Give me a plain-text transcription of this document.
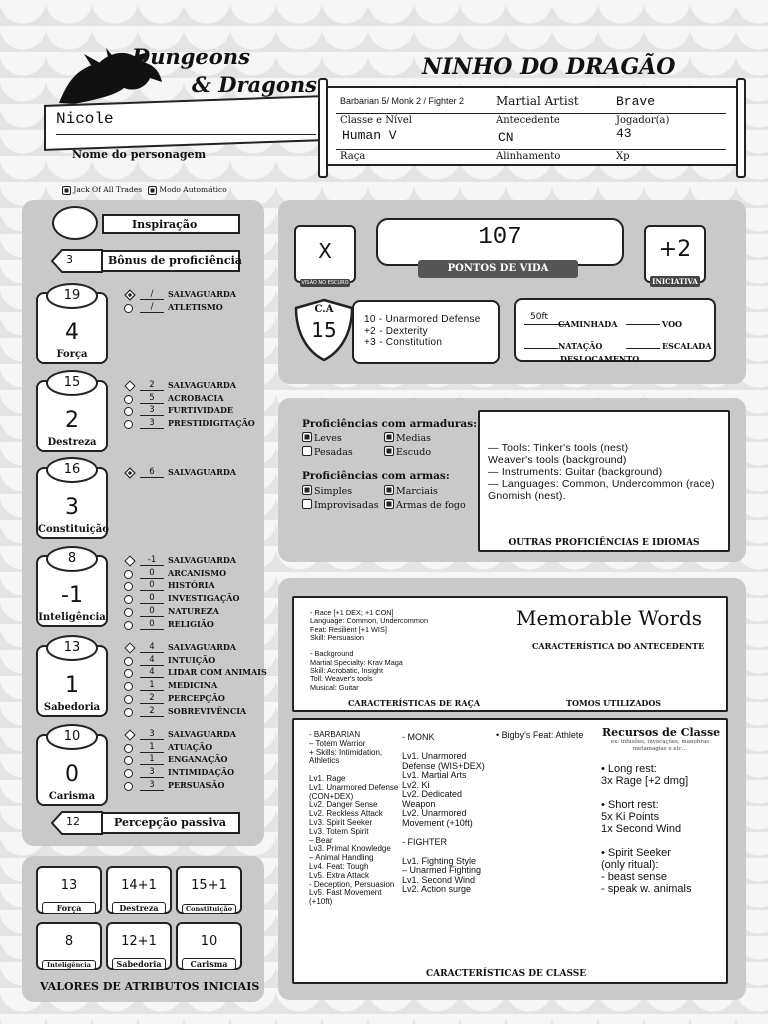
Dungeons
& Dragons
Nicole
Nome do personagem
NINHO DO DRAGÃO
Barbarian 5/ Monk 2 / Fighter 2	Martial Artist	Brave
Classe e Nível	Antecedente	Jogador(a)
Human V	CN	43
Raça	Alinhamento	Xp
Jack Of All Trades	Modo Automático
Inspiração
3	Bônus de proficiência
4
Força
19
2
Destreza
15
3
Constituição
16
-1
Inteligência
8
1
Sabedoria
13
0
Carisma
10
/	SALVAGUARDA
/	ATLETISMO
2	SALVAGUARDA
5	ACROBACIA
3	FURTIVIDADE
3	PRESTIDIGITAÇÃO
6	SALVAGUARDA
-1	SALVAGUARDA
0	ARCANISMO
0	HISTÓRIA
0	INVESTIGAÇÃO
0	NATUREZA
0	RELIGIÃO
4	SALVAGUARDA
4	INTUIÇÃO
4	LIDAR COM ANIMAIS
1	MEDICINA
2	PERCEPÇÃO
2	SOBREVIVÊNCIA
3	SALVAGUARDA
1	ATUAÇÃO
1	ENGANAÇÃO
3	INTIMIDAÇÃO
3	PERSUASÃO
12	Percepção passiva
13
Força
14+1
Destreza
15+1
Constituição
8
Inteligência
12+1
Sabedoria
10
Carisma
VALORES DE ATRIBUTOS INICIAIS
X
VISÃO NO ESCURO
107
PONTOS DE VIDA
+2
INICIATIVA
C.A
15	10 - Unarmored Defense
+2 - Dexterity
+3 - Constitution
50ft
CAMINHADA	VOO
NATAÇÃO	ESCALADA
DESLOCAMENTO
Proficiências com armaduras:
Proficiências com armas:
Leves	Medias
Pesadas	Escudo
Simples	Marciais
Improvisadas	Armas de fogo
— Tools: Tinker's tools (nest)
Weaver's tools (background)
— Instruments: Guitar (background)
— Languages: Common, Undercommon (race)
Gnomish (nest).
OUTRAS PROFICIÊNCIAS E IDIOMAS
- Race [+1 DEX; +1 CON]
Language: Common, Undercommon
Feat: Resilient [+1 WIS]
Skill: Persuasion

- Background
Martial Specialty: Krav Maga
Skill: Acrobatic, Insight
Toll: Weaver's tools
Musical: Guitar
CARACTERÍSTICAS DE RAÇA
Memorable Words
CARACTERÍSTICA DO ANTECEDENTE
TOMOS UTILIZADOS
- BARBARIAN
– Totem Warrior
+ Skills: Intimidation, Athletics

Lv1. Rage
Lv1. Unarmored Defense (CON+DEX)
Lv2. Danger Sense
Lv2. Reckless Attack
Lv3. Spirit Seeker
Lv3. Totem Spirit
– Bear
Lv3. Primal Knowledge
– Animal Handling
Lv4. Feat: Tough
Lv5. Extra Attack
- Deception, Persuasion
Lv5. Fast Movement (+10ft)
- MONK

Lv1. Unarmored Defense (WIS+DEX)
Lv1. Martial Arts
Lv2. Ki
Lv2. Dedicated Weapon
Lv2. Unarmored Movement (+10ft)

- FIGHTER

Lv1. Fighting Style
– Unarmed Fighting
Lv1. Second Wind
Lv2. Action surge
• Bigby's Feat: Athlete Recursos de Classe
ex: infusões, invocações, manobras metamagias e etc...
• Long rest:
3x Rage [+2 dmg]

• Short rest:
5x Ki Points
1x Second Wind

• Spirit Seeker
(only ritual):
- beast sense
- speak w. animals
CARACTERÍSTICAS DE CLASSE
